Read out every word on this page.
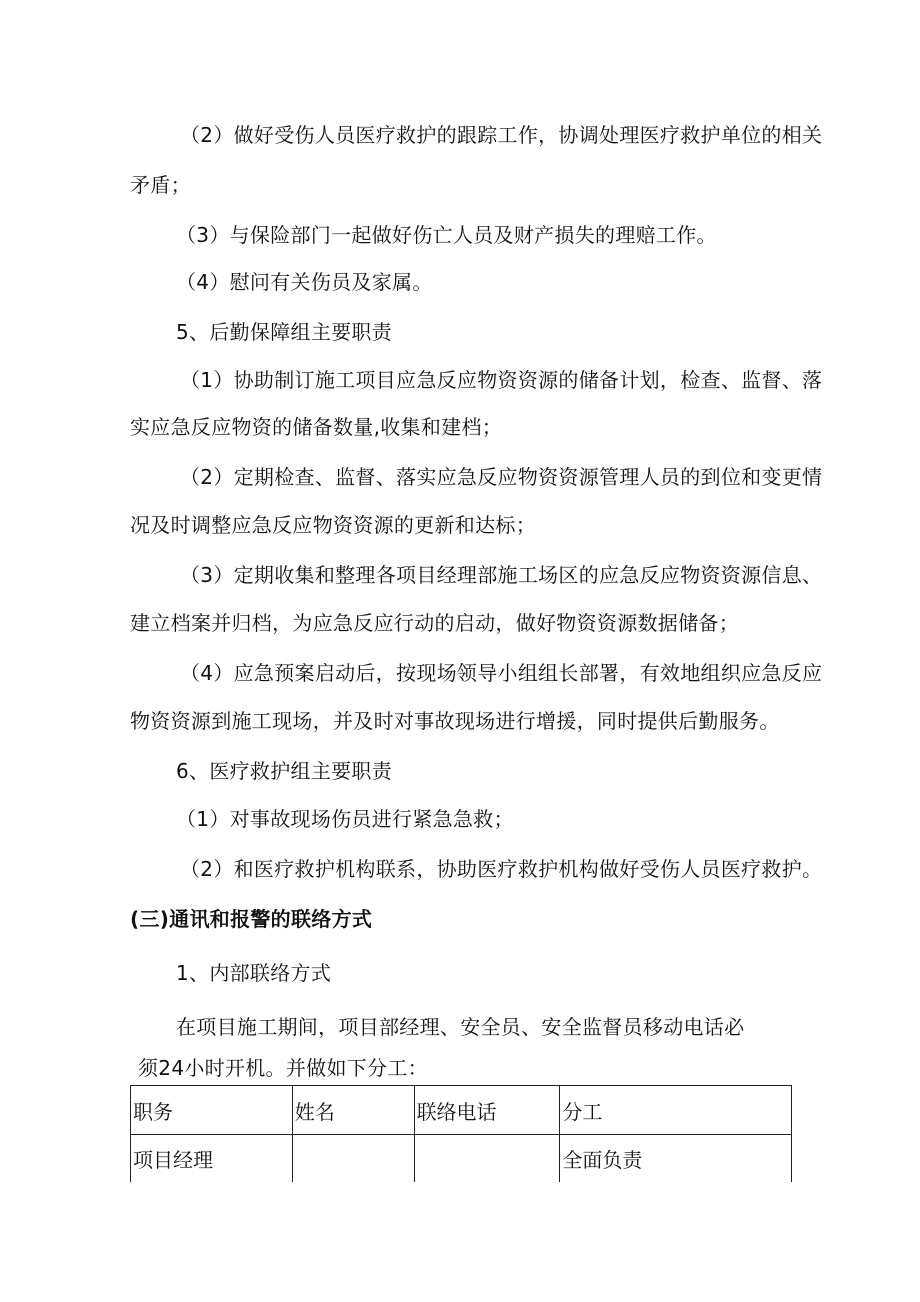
（2）做好受伤人员医疗救护的跟踪工作，协调处理医疗救护单位的相关
矛盾；
（3）与保险部门一起做好伤亡人员及财产损失的理赔工作。
（4）慰问有关伤员及家属。
5、后勤保障组主要职责
（1）协助制订施工项目应急反应物资资源的储备计划，检查、监督、落
实应急反应物资的储备数量,收集和建档；
（2）定期检查、监督、落实应急反应物资资源管理人员的到位和变更情
况及时调整应急反应物资资源的更新和达标；
（3）定期收集和整理各项目经理部施工场区的应急反应物资资源信息、
建立档案并归档，为应急反应行动的启动，做好物资资源数据储备；
（4）应急预案启动后，按现场领导小组组长部署，有效地组织应急反应
物资资源到施工现场，并及时对事故现场进行增援，同时提供后勤服务。
6、医疗救护组主要职责
（1）对事故现场伤员进行紧急急救；
（2）和医疗救护机构联系，协助医疗救护机构做好受伤人员医疗救护。
(三)通讯和报警的联络方式
1、内部联络方式
在项目施工期间，项目部经理、安全员、安全监督员移动电话必
须24小时开机。并做如下分工：
职务	姓名	联络电话	分工
项目经理			全面负责
